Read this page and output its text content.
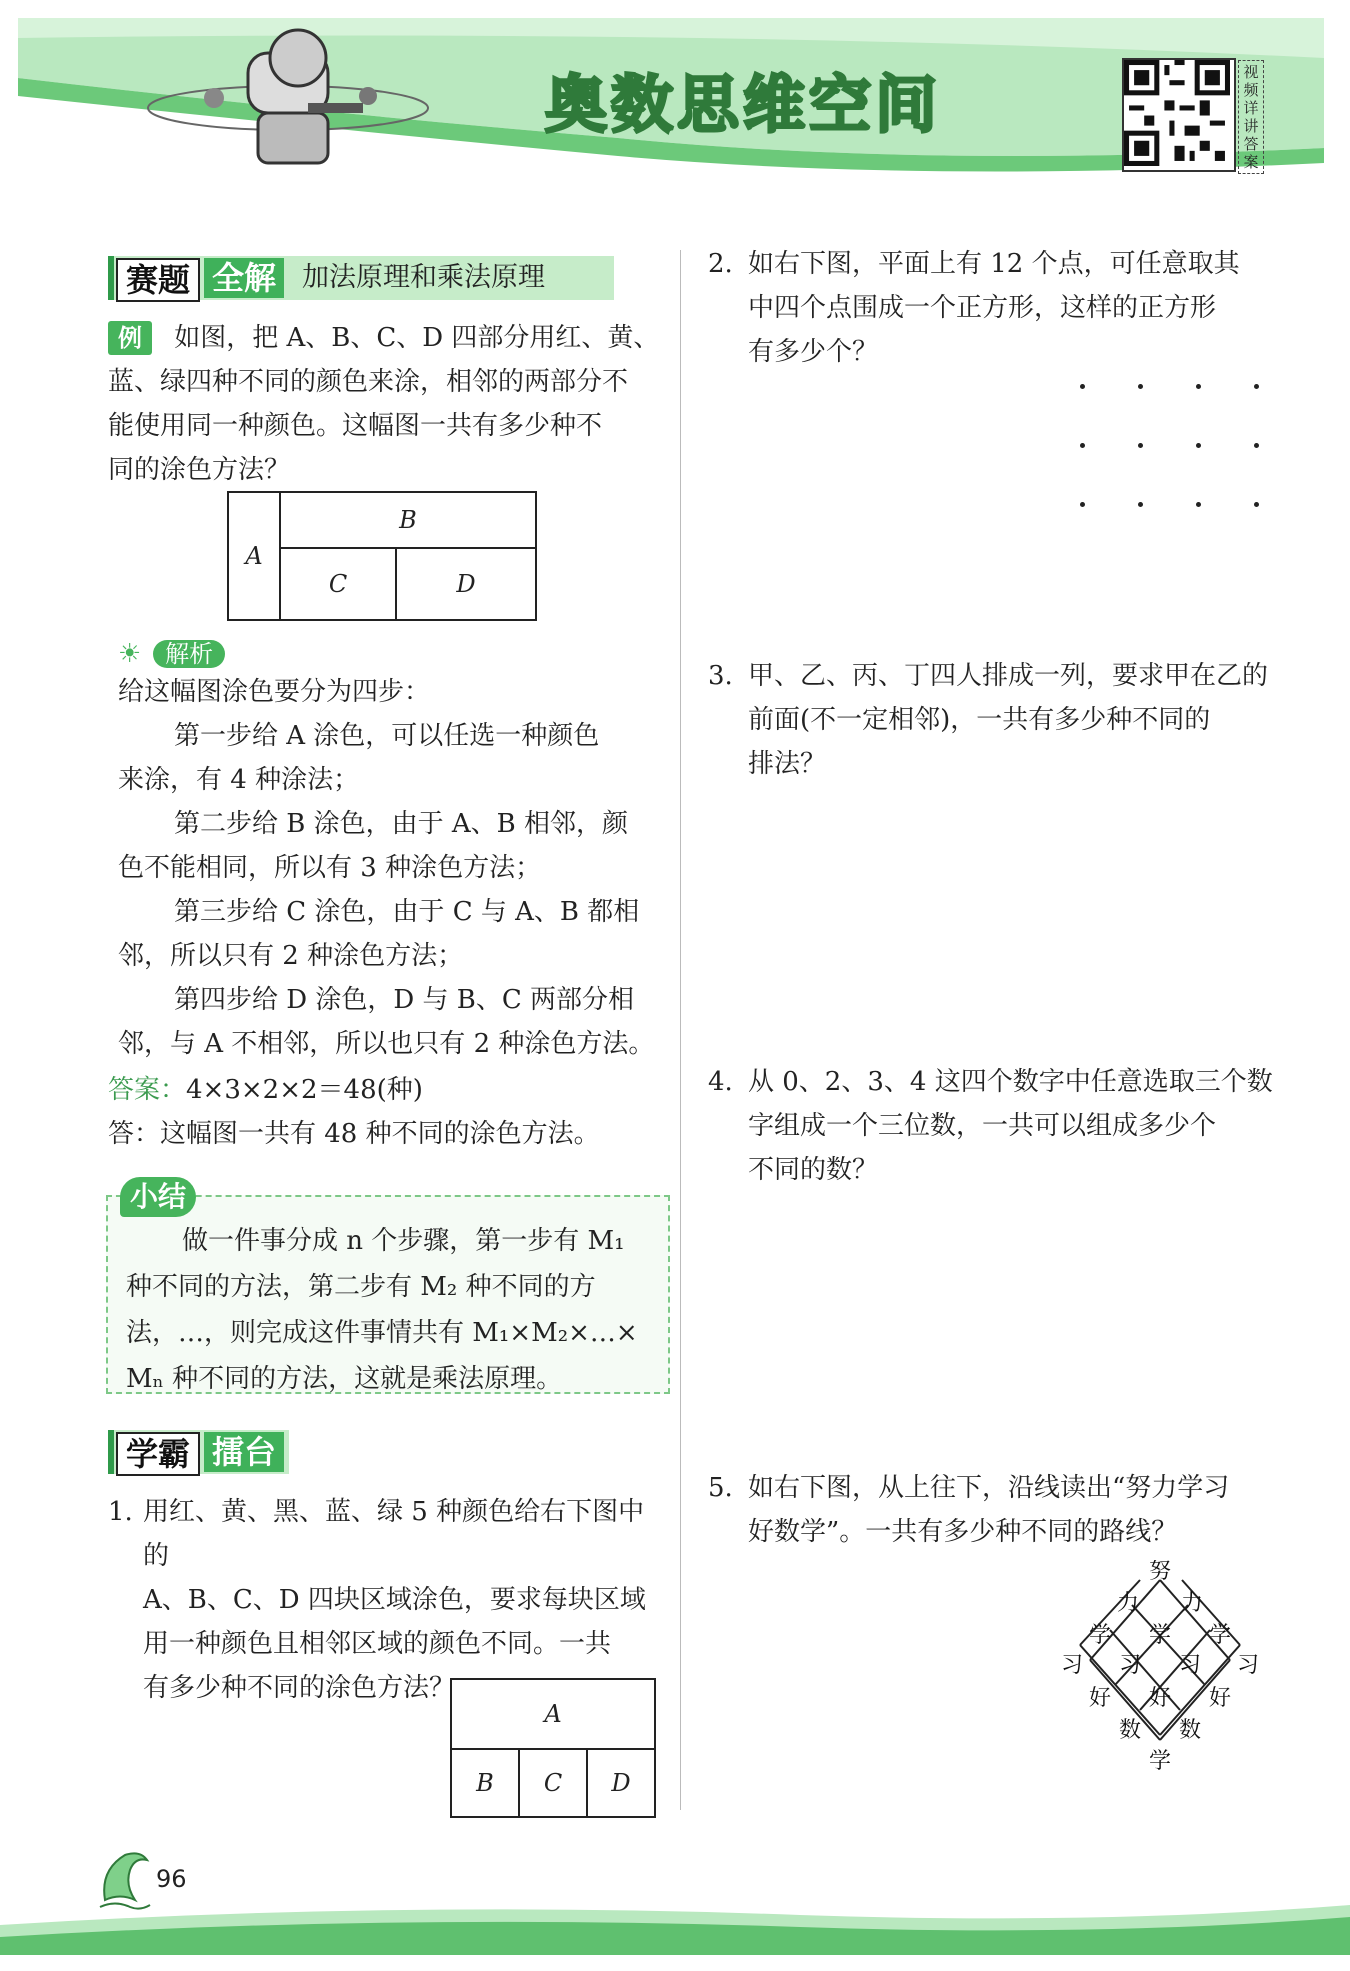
奥数思维空间	视频详讲答案
赛题 全解 加法原理和乘法原理
例 如图，把 A、B、C、D 四部分用红、黄、
蓝、绿四种不同的颜色来涂，相邻的两部分不
能使用同一种颜色。这幅图一共有多少种不
同的涂色方法？
A
B
C	D
☀ 解析
给这幅图涂色要分为四步：
第一步给 A 涂色，可以任选一种颜色
来涂，有 4 种涂法；
第二步给 B 涂色，由于 A、B 相邻，颜
色不能相同，所以有 3 种涂色方法；
第三步给 C 涂色，由于 C 与 A、B 都相
邻，所以只有 2 种涂色方法；
第四步给 D 涂色，D 与 B、C 两部分相
邻，与 A 不相邻，所以也只有 2 种涂色方法。
答案：4×3×2×2＝48(种)
答：这幅图一共有 48 种不同的涂色方法。
小结
做一件事分成 n 个步骤，第一步有 M₁
种不同的方法，第二步有 M₂ 种不同的方
法，…，则完成这件事情共有 M₁×M₂×…×
Mₙ 种不同的方法，这就是乘法原理。
学霸 擂台
1. 用红、黄、黑、蓝、绿 5 种颜色给右下图中的
A、B、C、D 四块区域涂色，要求每块区域
用一种颜色且相邻区域的颜色不同。一共
有多少种不同的涂色方法？
A
B	C	D
2. 如右下图，平面上有 12 个点，可任意取其
中四个点围成一个正方形，这样的正方形
有多少个？
3. 甲、乙、丙、丁四人排成一列，要求甲在乙的
前面(不一定相邻)，一共有多少种不同的
排法？
4. 从 0、2、3、4 这四个数字中任意选取三个数
字组成一个三位数，一共可以组成多少个
不同的数？
5. 如右下图，从上往下，沿线读出“努力学习
好数学”。一共有多少种不同的路线？
努
力 力
学 学 学
习 习 习 习
好 好 好
数 数
学
96
